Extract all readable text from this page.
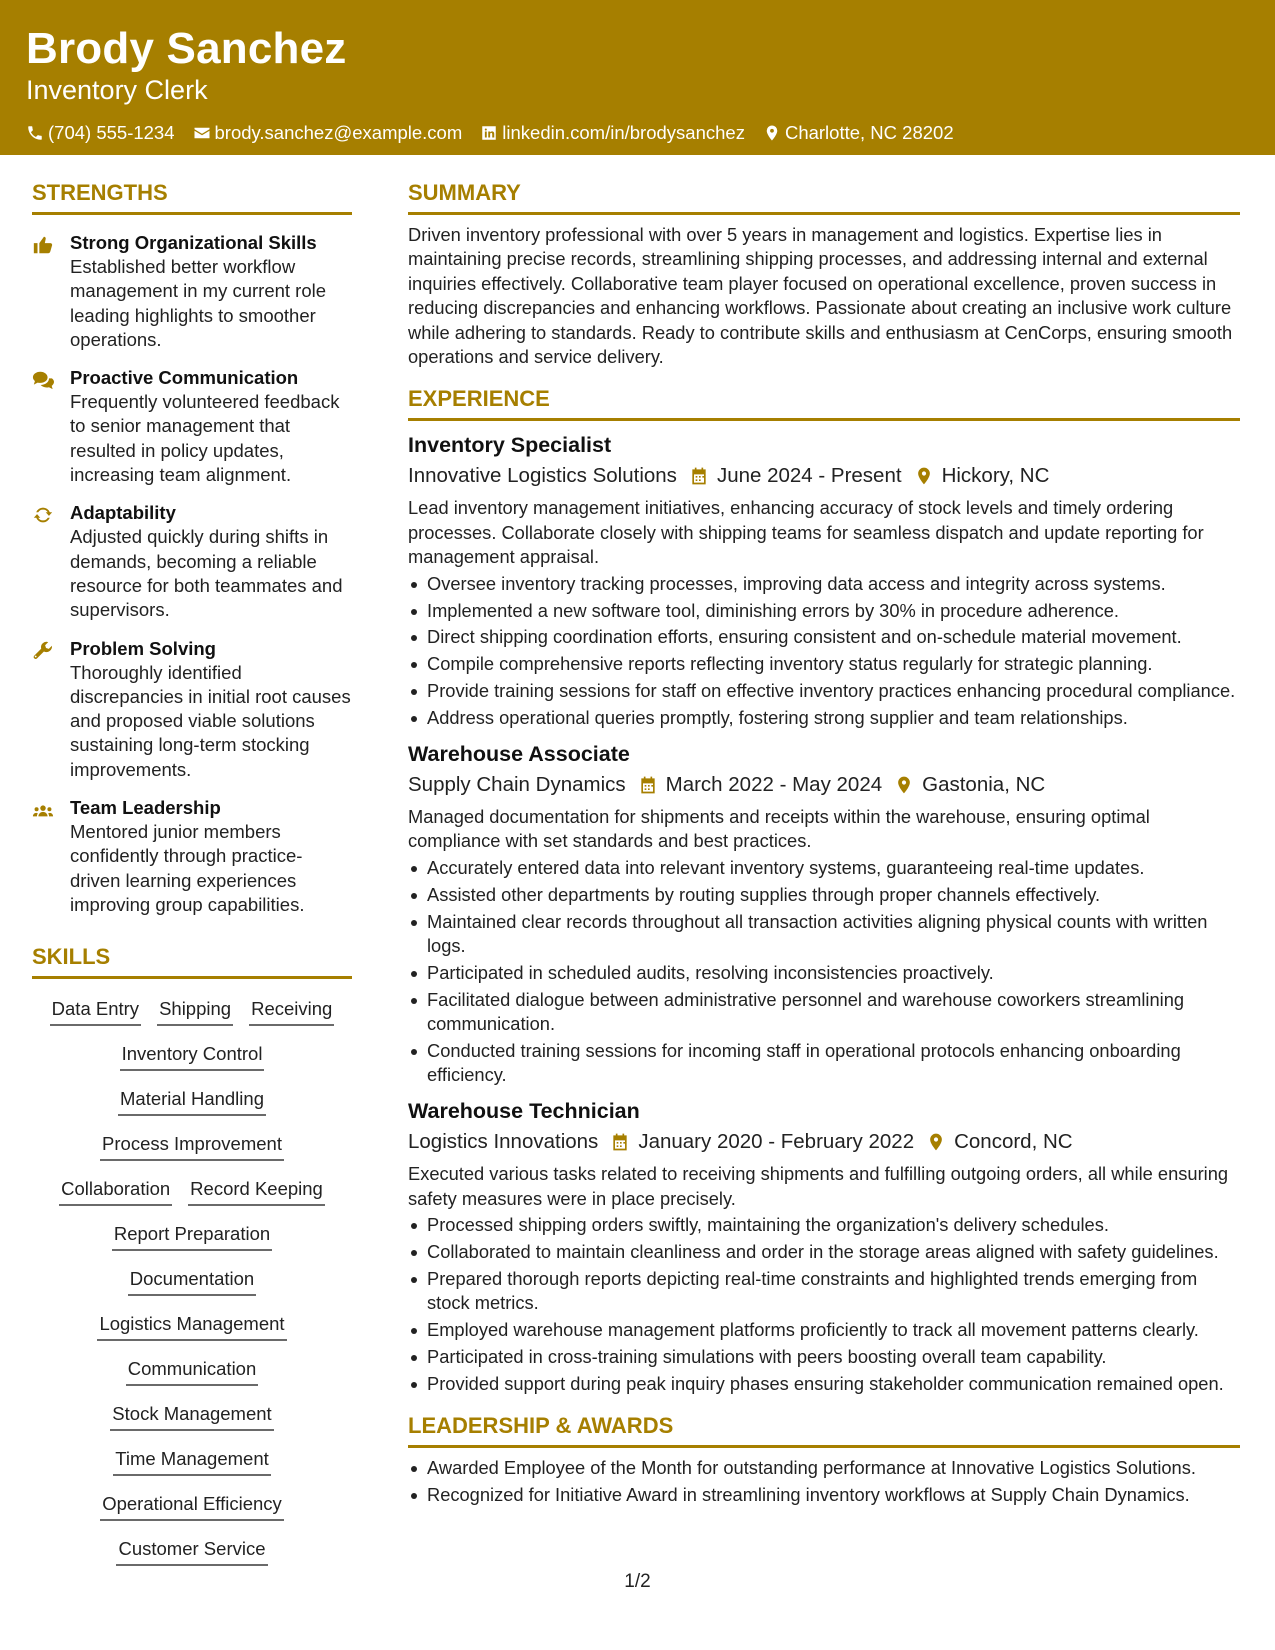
Brody Sanchez
Inventory Clerk
(704) 555-1234 brody.sanchez@example.com linkedin.com/in/brodysanchez Charlotte, NC 28202
STRENGTHS
Strong Organizational Skills
Established better workflow management in my current role leading highlights to smoother operations.
Proactive Communication
Frequently volunteered feedback to senior management that resulted in policy updates, increasing team alignment.
Adaptability
Adjusted quickly during shifts in demands, becoming a reliable resource for both teammates and supervisors.
Problem Solving
Thoroughly identified discrepancies in initial root causes and proposed viable solutions sustaining long-term stocking improvements.
Team Leadership
Mentored junior members confidently through practice-driven learning experiences improving group capabilities.
SKILLS
Data Entry Shipping Receiving
Inventory Control
Material Handling
Process Improvement
Collaboration Record Keeping
Report Preparation
Documentation
Logistics Management
Communication
Stock Management
Time Management
Operational Efficiency
Customer Service
SUMMARY
Driven inventory professional with over 5 years in management and logistics. Expertise lies in maintaining precise records, streamlining shipping processes, and addressing internal and external inquiries effectively. Collaborative team player focused on operational excellence, proven success in reducing discrepancies and enhancing workflows. Passionate about creating an inclusive work culture while adhering to standards. Ready to contribute skills and enthusiasm at CenCorps, ensuring smooth operations and service delivery.
EXPERIENCE
Inventory Specialist
Innovative Logistics Solutions June 2024 - Present Hickory, NC
Lead inventory management initiatives, enhancing accuracy of stock levels and timely ordering processes. Collaborate closely with shipping teams for seamless dispatch and update reporting for management appraisal.
Oversee inventory tracking processes, improving data access and integrity across systems.
Implemented a new software tool, diminishing errors by 30% in procedure adherence.
Direct shipping coordination efforts, ensuring consistent and on-schedule material movement.
Compile comprehensive reports reflecting inventory status regularly for strategic planning.
Provide training sessions for staff on effective inventory practices enhancing procedural compliance.
Address operational queries promptly, fostering strong supplier and team relationships.
Warehouse Associate
Supply Chain Dynamics March 2022 - May 2024 Gastonia, NC
Managed documentation for shipments and receipts within the warehouse, ensuring optimal compliance with set standards and best practices.
Accurately entered data into relevant inventory systems, guaranteeing real-time updates.
Assisted other departments by routing supplies through proper channels effectively.
Maintained clear records throughout all transaction activities aligning physical counts with written logs.
Participated in scheduled audits, resolving inconsistencies proactively.
Facilitated dialogue between administrative personnel and warehouse coworkers streamlining communication.
Conducted training sessions for incoming staff in operational protocols enhancing onboarding efficiency.
Warehouse Technician
Logistics Innovations January 2020 - February 2022 Concord, NC
Executed various tasks related to receiving shipments and fulfilling outgoing orders, all while ensuring safety measures were in place precisely.
Processed shipping orders swiftly, maintaining the organization's delivery schedules.
Collaborated to maintain cleanliness and order in the storage areas aligned with safety guidelines.
Prepared thorough reports depicting real-time constraints and highlighted trends emerging from stock metrics.
Employed warehouse management platforms proficiently to track all movement patterns clearly.
Participated in cross-training simulations with peers boosting overall team capability.
Provided support during peak inquiry phases ensuring stakeholder communication remained open.
LEADERSHIP & AWARDS
Awarded Employee of the Month for outstanding performance at Innovative Logistics Solutions.
Recognized for Initiative Award in streamlining inventory workflows at Supply Chain Dynamics.
1/2
